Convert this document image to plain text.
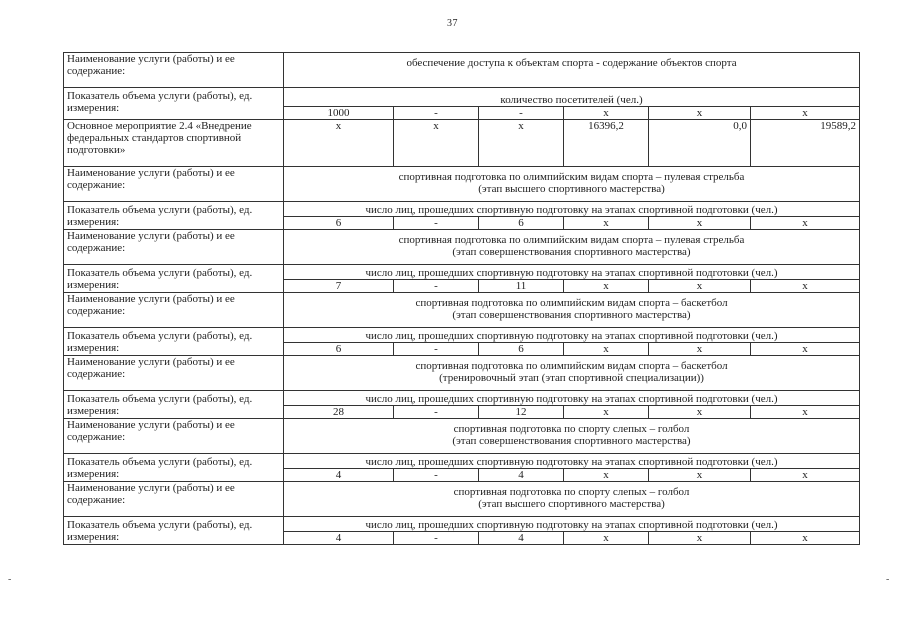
37
Наименование услуги (работы) и ее содержание:	обеспечение доступа к объектам спорта - содержание объектов спорта					
Показатель объема услуги (работы), ед. измерения:	количество посетителей (чел.)					
	1000	-	-	х	х	х
Основное мероприятие 2.4 «Внедрение федеральных стандартов спортивной подготовки»	х	х	х	16396,2	0,0	19589,2
Наименование услуги (работы) и ее содержание:	спортивная подготовка по олимпийским видам спорта – пулевая стрельба
(этап высшего спортивного мастерства)					

Показатель объема услуги (работы), ед. измерения:	число лиц, прошедших спортивную подготовку на этапах спортивной подготовки (чел.)					
	6	-	6	х	х	х
Наименование услуги (работы) и ее содержание:	спортивная подготовка по олимпийским видам спорта – пулевая стрельба
(этап совершенствования спортивного мастерства)					

Показатель объема услуги (работы), ед. измерения:	число лиц, прошедших спортивную подготовку на этапах спортивной подготовки (чел.)					
	7	-	11	х	х	х
Наименование услуги (работы) и ее содержание:	спортивная подготовка по олимпийским видам спорта – баскетбол
(этап совершенствования спортивного мастерства)					

Показатель объема услуги (работы), ед. измерения:	число лиц, прошедших спортивную подготовку на этапах спортивной подготовки (чел.)					
	6	-	6	х	х	х
Наименование услуги (работы) и ее содержание:	спортивная подготовка по олимпийским видам спорта – баскетбол
(тренировочный этап (этап спортивной специализации))					

Показатель объема услуги (работы), ед. измерения:	число лиц, прошедших спортивную подготовку на этапах спортивной подготовки (чел.)					
	28	-	12	х	х	х
Наименование услуги (работы) и ее содержание:	спортивная подготовка по спорту слепых – голбол
(этап совершенствования спортивного мастерства)					

Показатель объема услуги (работы), ед. измерения:	число лиц, прошедших спортивную подготовку на этапах спортивной подготовки (чел.)					
	4	-	4	х	х	х
Наименование услуги (работы) и ее содержание:	спортивная подготовка по спорту слепых – голбол
(этап высшего спортивного мастерства)					

Показатель объема услуги (работы), ед. измерения:	число лиц, прошедших спортивную подготовку на этапах спортивной подготовки (чел.)					
	4	-	4	х	х	х
-	-
